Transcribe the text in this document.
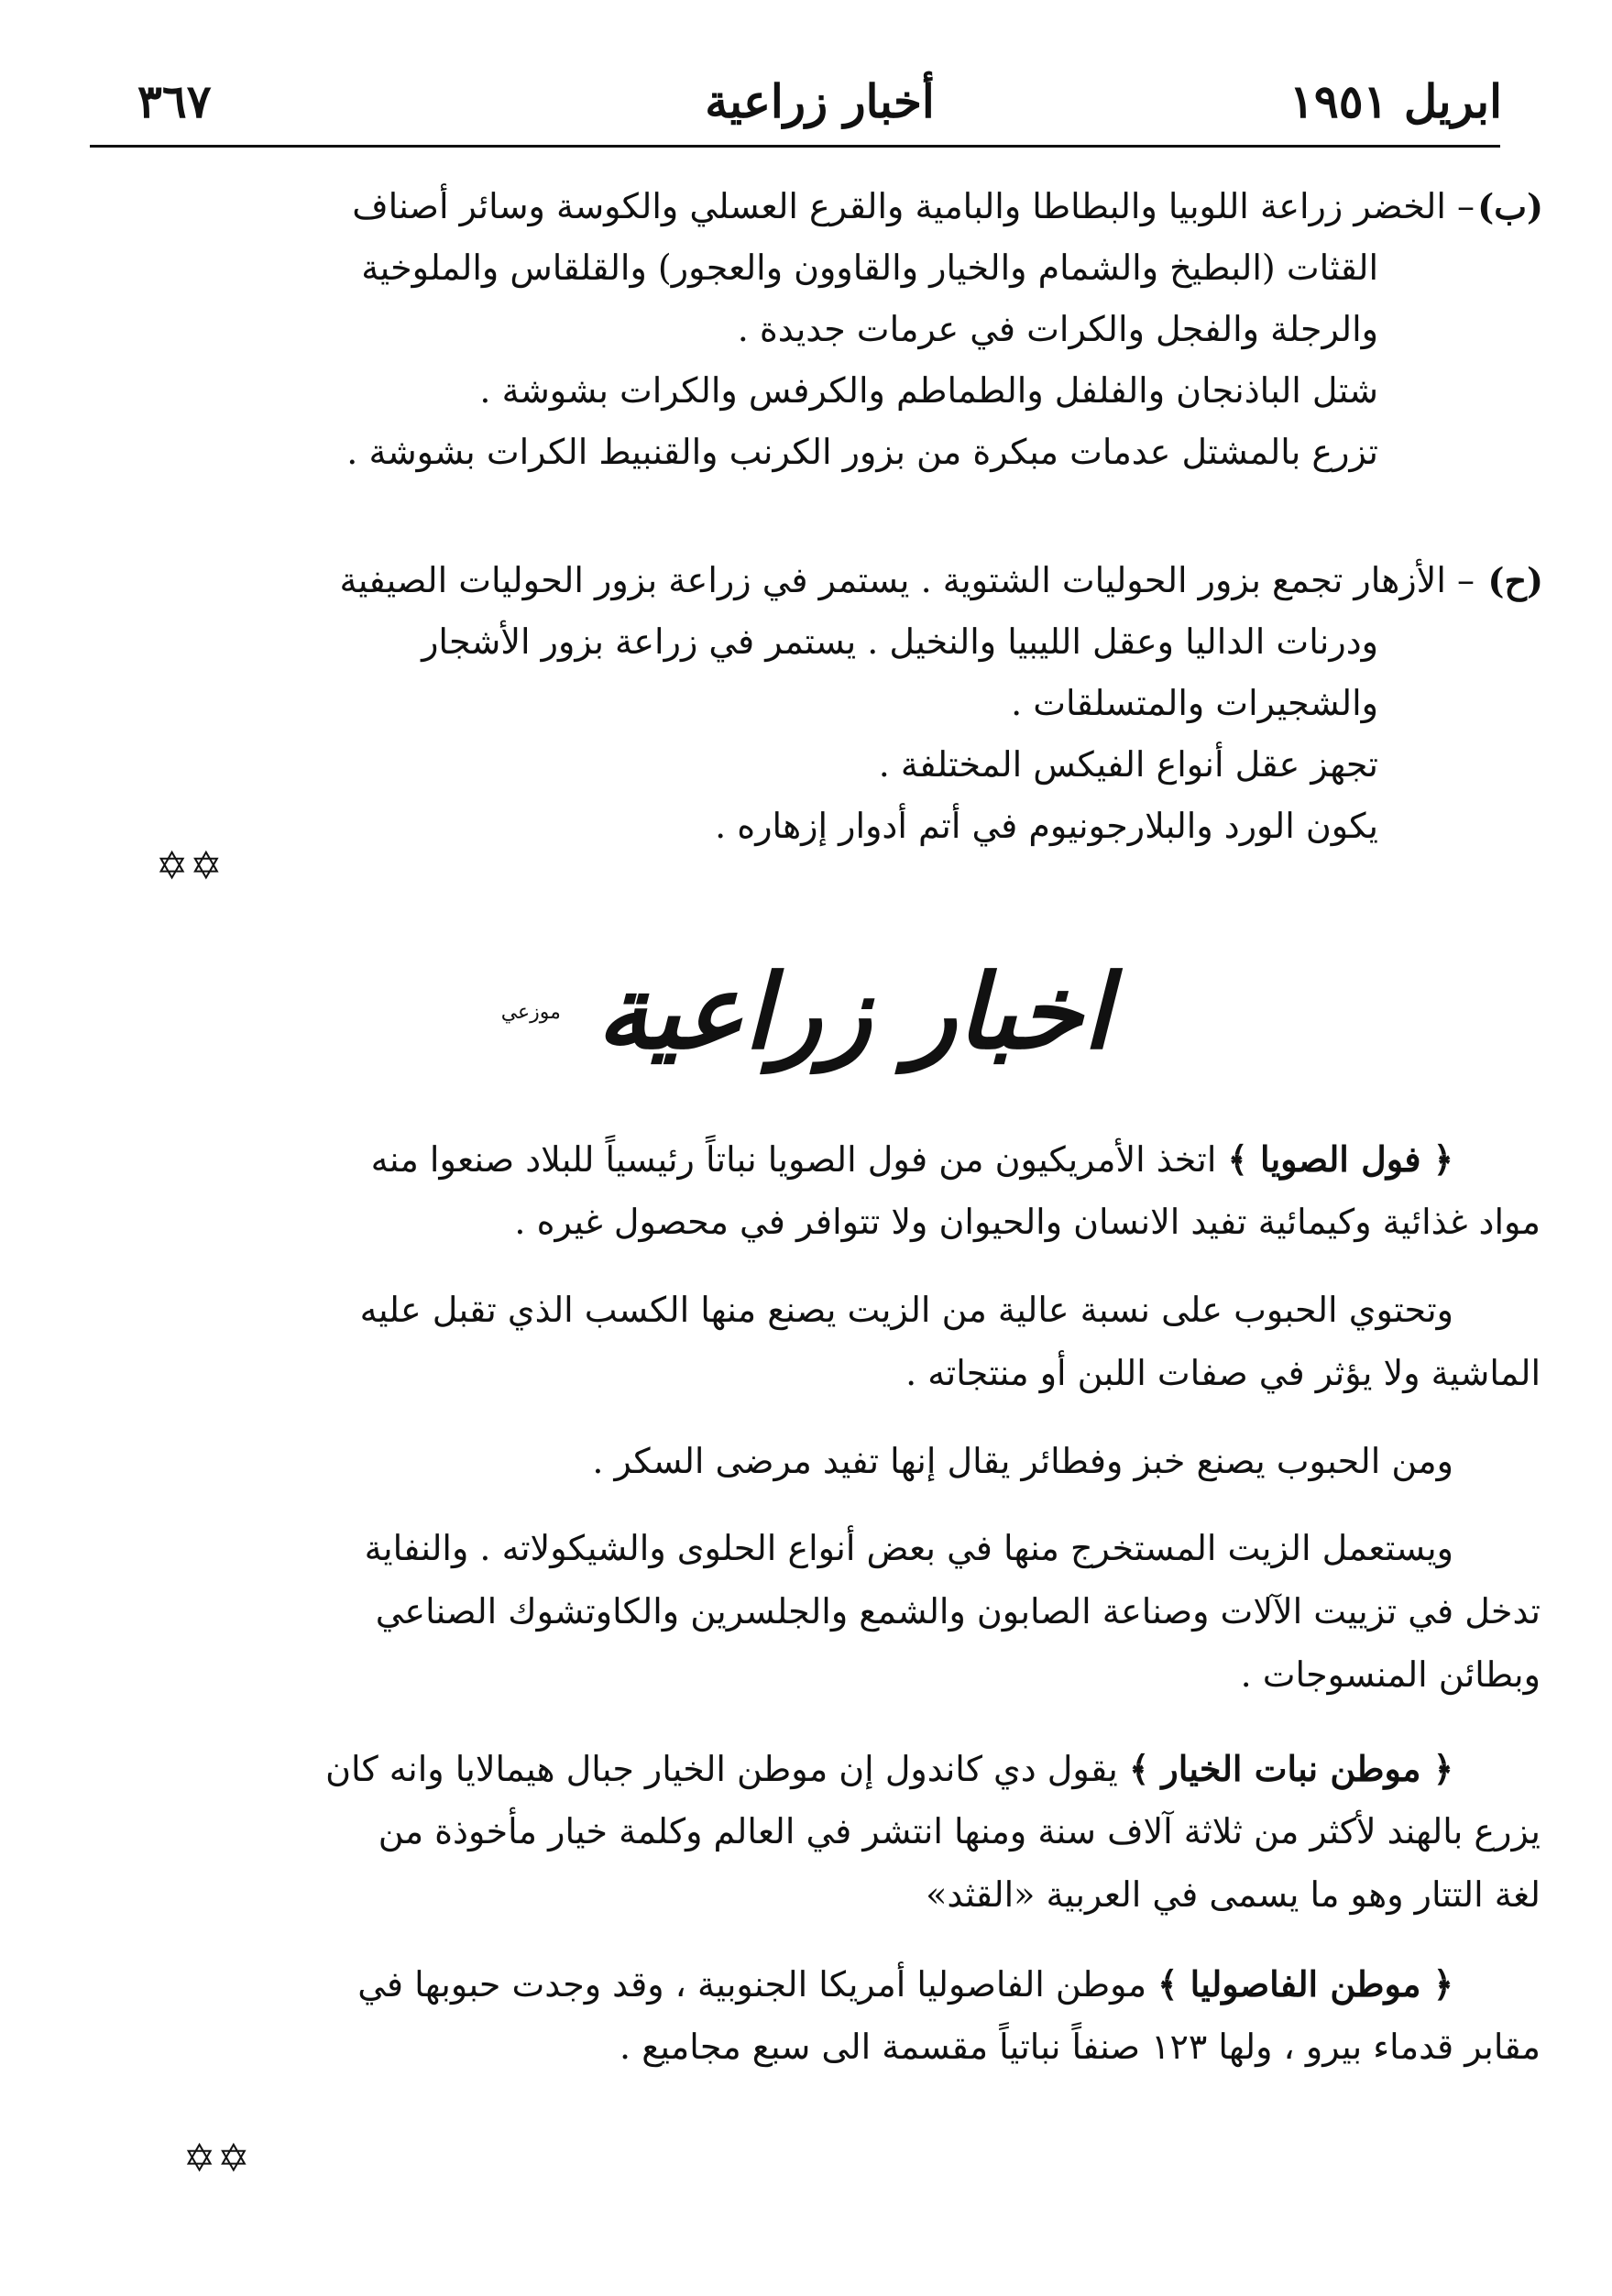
ابريل ١٩٥١
أخبار زراعية
٣٦٧
(ب)
– الخضر زراعة اللوبيا والبطاطا والبامية والقرع العسلي والكوسة وسائر أصناف
القثات (البطيخ والشمام والخيار والقاوون والعجور) والقلقاس والملوخية
والرجلة والفجل والكرات في عرمات جديدة .
شتل الباذنجان والفلفل والطماطم والكرفس والكرات بشوشة .
تزرع بالمشتل عدمات مبكرة من بزور الكرنب والقنبيط الكرات بشوشة .
(ح)
– الأزهار تجمع بزور الحوليات الشتوية . يستمر في زراعة بزور الحوليات الصيفية
ودرنات الداليا وعقل الليبيا والنخيل . يستمر في زراعة بزور الأشجار
والشجيرات والمتسلقات .
تجهز عقل أنواع الفيكس المختلفة .
يكون الورد والبلارجونيوم في أتم أدوار إزهاره .
✡✡
اخبار زراعية موزعي
﴿ فول الصويا ﴾ اتخذ الأمريكيون من فول الصويا نباتاً رئيسياً للبلاد صنعوا منه
مواد غذائية وكيمائية تفيد الانسان والحيوان ولا تتوافر في محصول غيره .
وتحتوي الحبوب على نسبة عالية من الزيت يصنع منها الكسب الذي تقبل عليه
الماشية ولا يؤثر في صفات اللبن أو منتجاته .
ومن الحبوب يصنع خبز وفطائر يقال إنها تفيد مرضى السكر .
ويستعمل الزيت المستخرج منها في بعض أنواع الحلوى والشيكولاته . والنفاية
تدخل في تزييت الآلات وصناعة الصابون والشمع والجلسرين والكاوتشوك الصناعي
وبطائن المنسوجات .
﴿ موطن نبات الخيار ﴾ يقول دي كاندول إن موطن الخيار جبال هيمالايا وانه كان
يزرع بالهند لأكثر من ثلاثة آلاف سنة ومنها انتشر في العالم وكلمة خيار مأخوذة من
لغة التتار وهو ما يسمى في العربية «القثد»
﴿ موطن الفاصوليا ﴾ موطن الفاصوليا أمريكا الجنوبية ، وقد وجدت حبوبها في
مقابر قدماء بيرو ، ولها ١٢٣ صنفاً نباتياً مقسمة الى سبع مجاميع .
✡✡
